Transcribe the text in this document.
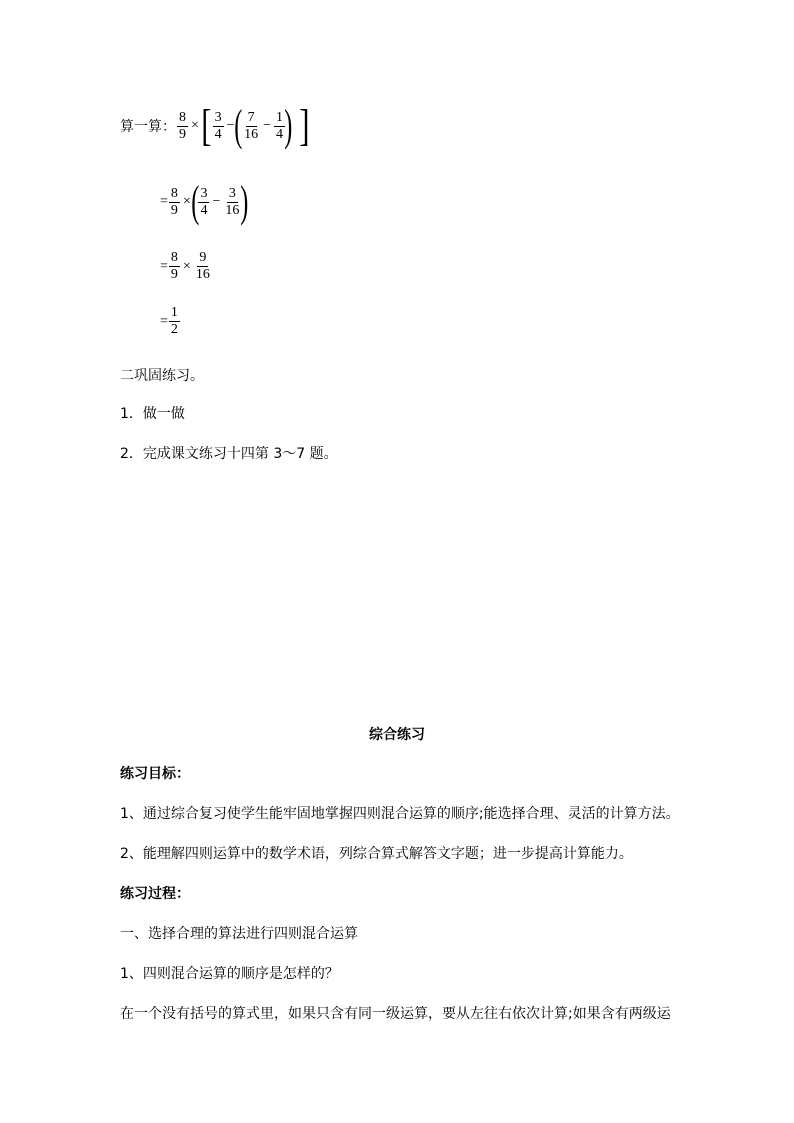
算一算： $\frac{8}{9}$ × [ $\frac{3}{4}$ − ( $\frac{7}{16} - \frac{1}{4}$ ) ]
= $\frac{8}{9}$ × ( $\frac{3}{4} - \frac{3}{16}$ )
= $\frac{8}{9} \times \frac{9}{16}$
= $\frac{1}{2}$
二巩固练习。
1．做一做
2．完成课文练习十四第 3～7 题。
综合练习
练习目标：
1、通过综合复习使学生能牢固地掌握四则混合运算的顺序;能选择合理、灵活的计算方法。
2、能理解四则运算中的数学术语，列综合算式解答文字题；进一步提高计算能力。
练习过程：
一、选择合理的算法进行四则混合运算
1、四则混合运算的顺序是怎样的？
在一个没有括号的算式里，如果只含有同一级运算，要从左往右依次计算;如果含有两级运
